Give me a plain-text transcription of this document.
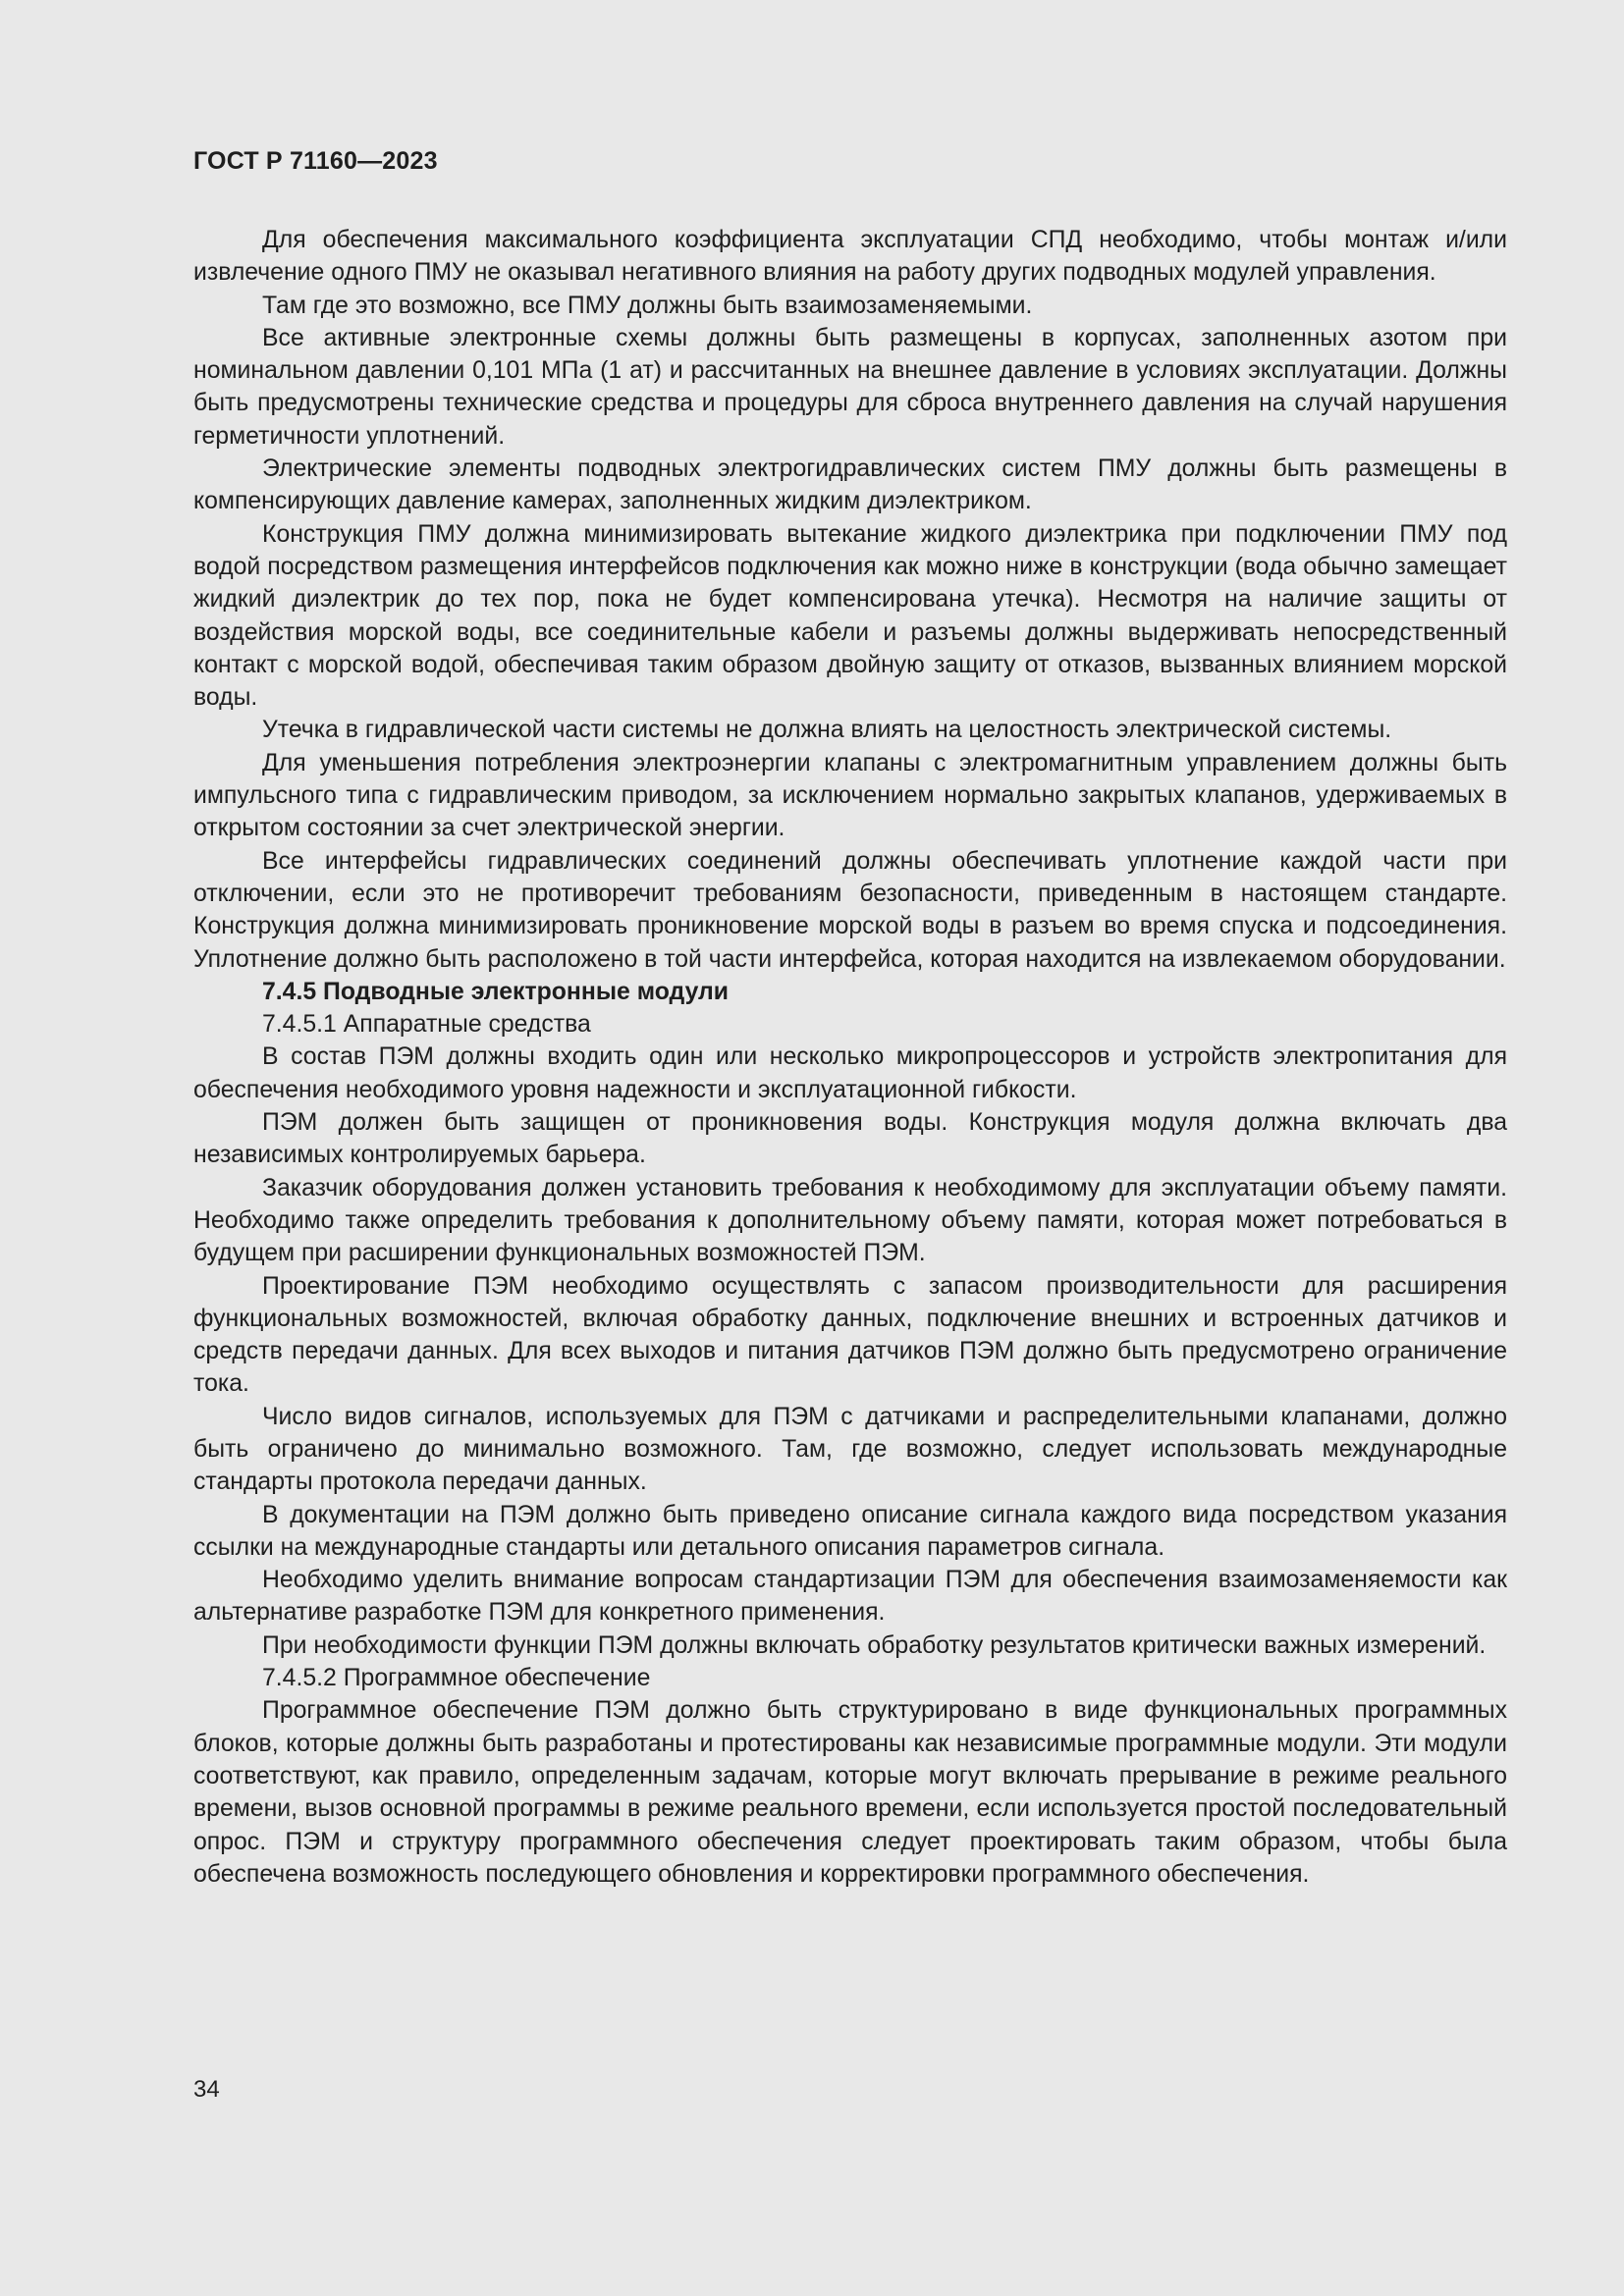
ГОСТ Р 71160—2023

Для обеспечения максимального коэффициента эксплуатации СПД необходимо, чтобы монтаж и/или извлечение одного ПМУ не оказывал негативного влияния на работу других подводных модулей управления.

Там где это возможно, все ПМУ должны быть взаимозаменяемыми.

Все активные электронные схемы должны быть размещены в корпусах, заполненных азотом при номинальном давлении 0,101 МПа (1 ат) и рассчитанных на внешнее давление в условиях эксплуатации. Должны быть предусмотрены технические средства и процедуры для сброса внутреннего давления на случай нарушения герметичности уплотнений.

Электрические элементы подводных электрогидравлических систем ПМУ должны быть размещены в компенсирующих давление камерах, заполненных жидким диэлектриком.

Конструкция ПМУ должна минимизировать вытекание жидкого диэлектрика при подключении ПМУ под водой посредством размещения интерфейсов подключения как можно ниже в конструкции (вода обычно замещает жидкий диэлектрик до тех пор, пока не будет компенсирована утечка). Несмотря на наличие защиты от воздействия морской воды, все соединительные кабели и разъемы должны выдерживать непосредственный контакт с морской водой, обеспечивая таким образом двойную защиту от отказов, вызванных влиянием морской воды.

Утечка в гидравлической части системы не должна влиять на целостность электрической системы.

Для уменьшения потребления электроэнергии клапаны с электромагнитным управлением должны быть импульсного типа с гидравлическим приводом, за исключением нормально закрытых клапанов, удерживаемых в открытом состоянии за счет электрической энергии.

Все интерфейсы гидравлических соединений должны обеспечивать уплотнение каждой части при отключении, если это не противоречит требованиям безопасности, приведенным в настоящем стандарте. Конструкция должна минимизировать проникновение морской воды в разъем во время спуска и подсоединения. Уплотнение должно быть расположено в той части интерфейса, которая находится на извлекаемом оборудовании.

7.4.5 Подводные электронные модули

7.4.5.1 Аппаратные средства

В состав ПЭМ должны входить один или несколько микропроцессоров и устройств электропитания для обеспечения необходимого уровня надежности и эксплуатационной гибкости.

ПЭМ должен быть защищен от проникновения воды. Конструкция модуля должна включать два независимых контролируемых барьера.

Заказчик оборудования должен установить требования к необходимому для эксплуатации объему памяти. Необходимо также определить требования к дополнительному объему памяти, которая может потребоваться в будущем при расширении функциональных возможностей ПЭМ.

Проектирование ПЭМ необходимо осуществлять с запасом производительности для расширения функциональных возможностей, включая обработку данных, подключение внешних и встроенных датчиков и средств передачи данных. Для всех выходов и питания датчиков ПЭМ должно быть предусмотрено ограничение тока.

Число видов сигналов, используемых для ПЭМ с датчиками и распределительными клапанами, должно быть ограничено до минимально возможного. Там, где возможно, следует использовать международные стандарты протокола передачи данных.

В документации на ПЭМ должно быть приведено описание сигнала каждого вида посредством указания ссылки на международные стандарты или детального описания параметров сигнала.

Необходимо уделить внимание вопросам стандартизации ПЭМ для обеспечения взаимозаменяемости как альтернативе разработке ПЭМ для конкретного применения.

При необходимости функции ПЭМ должны включать обработку результатов критически важных измерений.

7.4.5.2 Программное обеспечение

Программное обеспечение ПЭМ должно быть структурировано в виде функциональных программных блоков, которые должны быть разработаны и протестированы как независимые программные модули. Эти модули соответствуют, как правило, определенным задачам, которые могут включать прерывание в режиме реального времени, вызов основной программы в режиме реального времени, если используется простой последовательный опрос. ПЭМ и структуру программного обеспечения следует проектировать таким образом, чтобы была обеспечена возможность последующего обновления и корректировки программного обеспечения.

34
